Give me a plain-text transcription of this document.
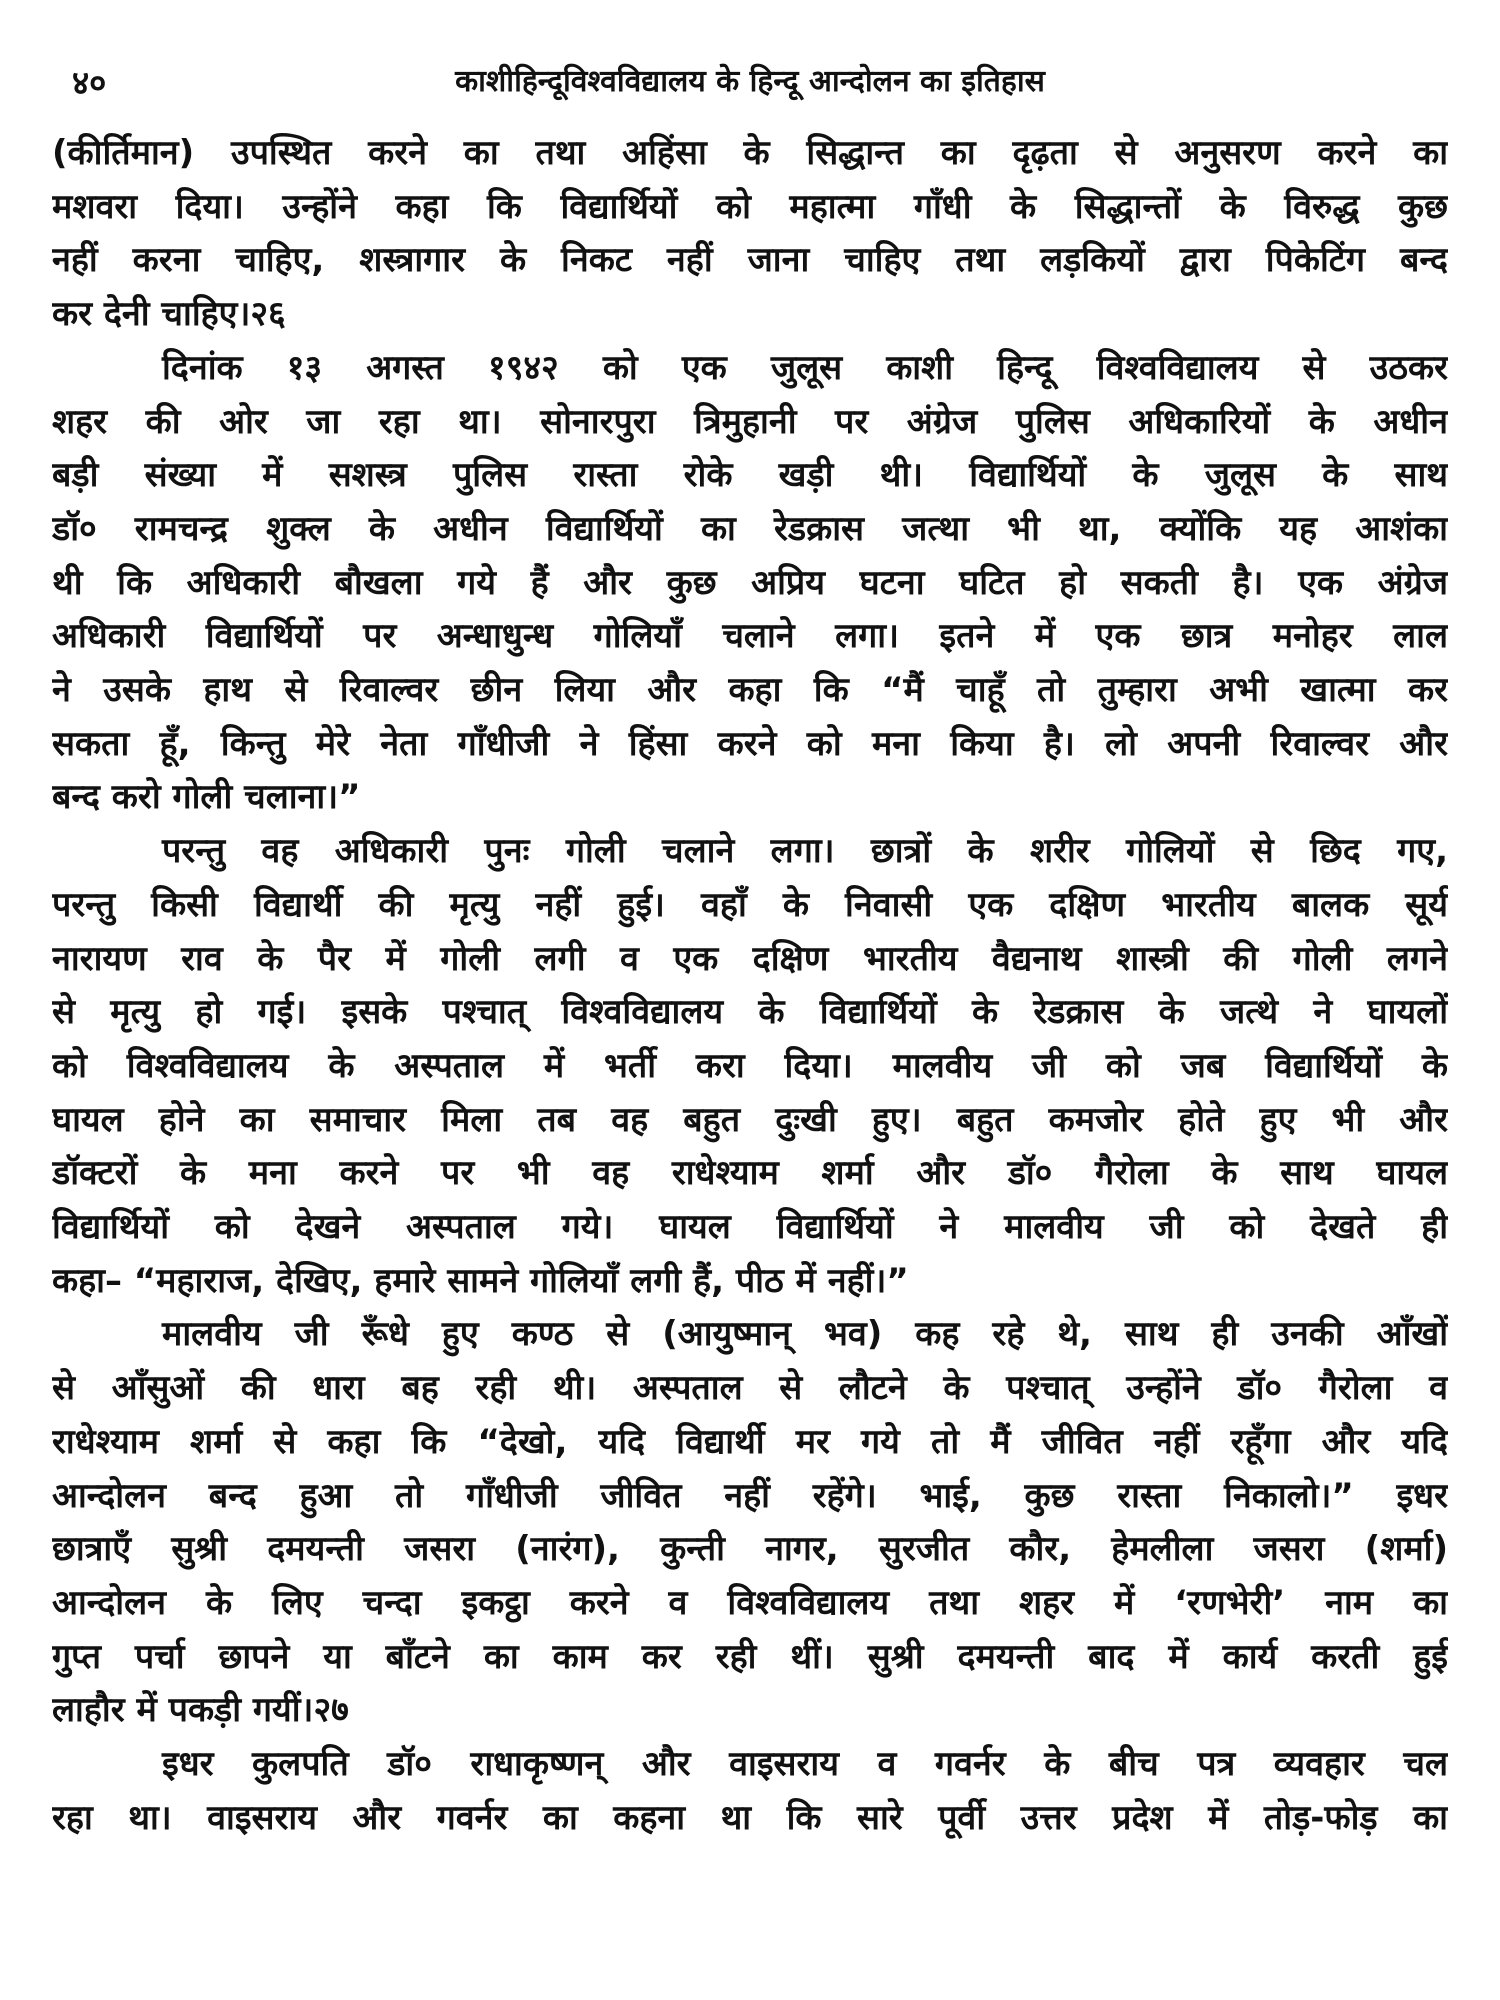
४०	काशीहिन्दूविश्वविद्यालय के हिन्दू आन्दोलन का इतिहास
(कीर्तिमान) उपस्थित करने का तथा अहिंसा के सिद्धान्त का दृढ़ता से अनुसरण करने का
मशवरा दिया। उन्होंने कहा कि विद्यार्थियों को महात्मा गाँधी के सिद्धान्तों के विरुद्ध कुछ
नहीं करना चाहिए, शस्त्रागार के निकट नहीं जाना चाहिए तथा लड़कियों द्वारा पिकेटिंग बन्द
कर देनी चाहिए।२६
दिनांक १३ अगस्त १९४२ को एक जुलूस काशी हिन्दू विश्वविद्यालय से उठकर
शहर की ओर जा रहा था। सोनारपुरा त्रिमुहानी पर अंग्रेज पुलिस अधिकारियों के अधीन
बड़ी संख्या में सशस्त्र पुलिस रास्ता रोके खड़ी थी। विद्यार्थियों के जुलूस के साथ
डॉ० रामचन्द्र शुक्ल के अधीन विद्यार्थियों का रेडक्रास जत्था भी था, क्योंकि यह आशंका
थी कि अधिकारी बौखला गये हैं और कुछ अप्रिय घटना घटित हो सकती है। एक अंग्रेज
अधिकारी विद्यार्थियों पर अन्धाधुन्ध गोलियाँ चलाने लगा। इतने में एक छात्र मनोहर लाल
ने उसके हाथ से रिवाल्वर छीन लिया और कहा कि “मैं चाहूँ तो तुम्हारा अभी खात्मा कर
सकता हूँ, किन्तु मेरे नेता गाँधीजी ने हिंसा करने को मना किया है। लो अपनी रिवाल्वर और
बन्द करो गोली चलाना।”
परन्तु वह अधिकारी पुनः गोली चलाने लगा। छात्रों के शरीर गोलियों से छिद गए,
परन्तु किसी विद्यार्थी की मृत्यु नहीं हुई। वहाँ के निवासी एक दक्षिण भारतीय बालक सूर्य
नारायण राव के पैर में गोली लगी व एक दक्षिण भारतीय वैद्यनाथ शास्त्री की गोली लगने
से मृत्यु हो गई। इसके पश्चात् विश्वविद्यालय के विद्यार्थियों के रेडक्रास के जत्थे ने घायलों
को विश्वविद्यालय के अस्पताल में भर्ती करा दिया। मालवीय जी को जब विद्यार्थियों के
घायल होने का समाचार मिला तब वह बहुत दुःखी हुए। बहुत कमजोर होते हुए भी और
डॉक्टरों के मना करने पर भी वह राधेश्याम शर्मा और डॉ० गैरोला के साथ घायल
विद्यार्थियों को देखने अस्पताल गये। घायल विद्यार्थियों ने मालवीय जी को देखते ही
कहा– “महाराज, देखिए, हमारे सामने गोलियाँ लगी हैं, पीठ में नहीं।”
मालवीय जी रूँधे हुए कण्ठ से (आयुष्मान् भव) कह रहे थे, साथ ही उनकी आँखों
से आँसुओं की धारा बह रही थी। अस्पताल से लौटने के पश्चात् उन्होंने डॉ० गैरोला व
राधेश्याम शर्मा से कहा कि “देखो, यदि विद्यार्थी मर गये तो मैं जीवित नहीं रहूँगा और यदि
आन्दोलन बन्द हुआ तो गाँधीजी जीवित नहीं रहेंगे। भाई, कुछ रास्ता निकालो।” इधर
छात्राएँ सुश्री दमयन्ती जसरा (नारंग), कुन्ती नागर, सुरजीत कौर, हेमलीला जसरा (शर्मा)
आन्दोलन के लिए चन्दा इकट्ठा करने व विश्वविद्यालय तथा शहर में ‘रणभेरी’ नाम का
गुप्त पर्चा छापने या बाँटने का काम कर रही थीं। सुश्री दमयन्ती बाद में कार्य करती हुई
लाहौर में पकड़ी गयीं।२७
इधर कुलपति डॉ० राधाकृष्णन् और वाइसराय व गवर्नर के बीच पत्र व्यवहार चल
रहा था। वाइसराय और गवर्नर का कहना था कि सारे पूर्वी उत्तर प्रदेश में तोड़-फोड़ का
